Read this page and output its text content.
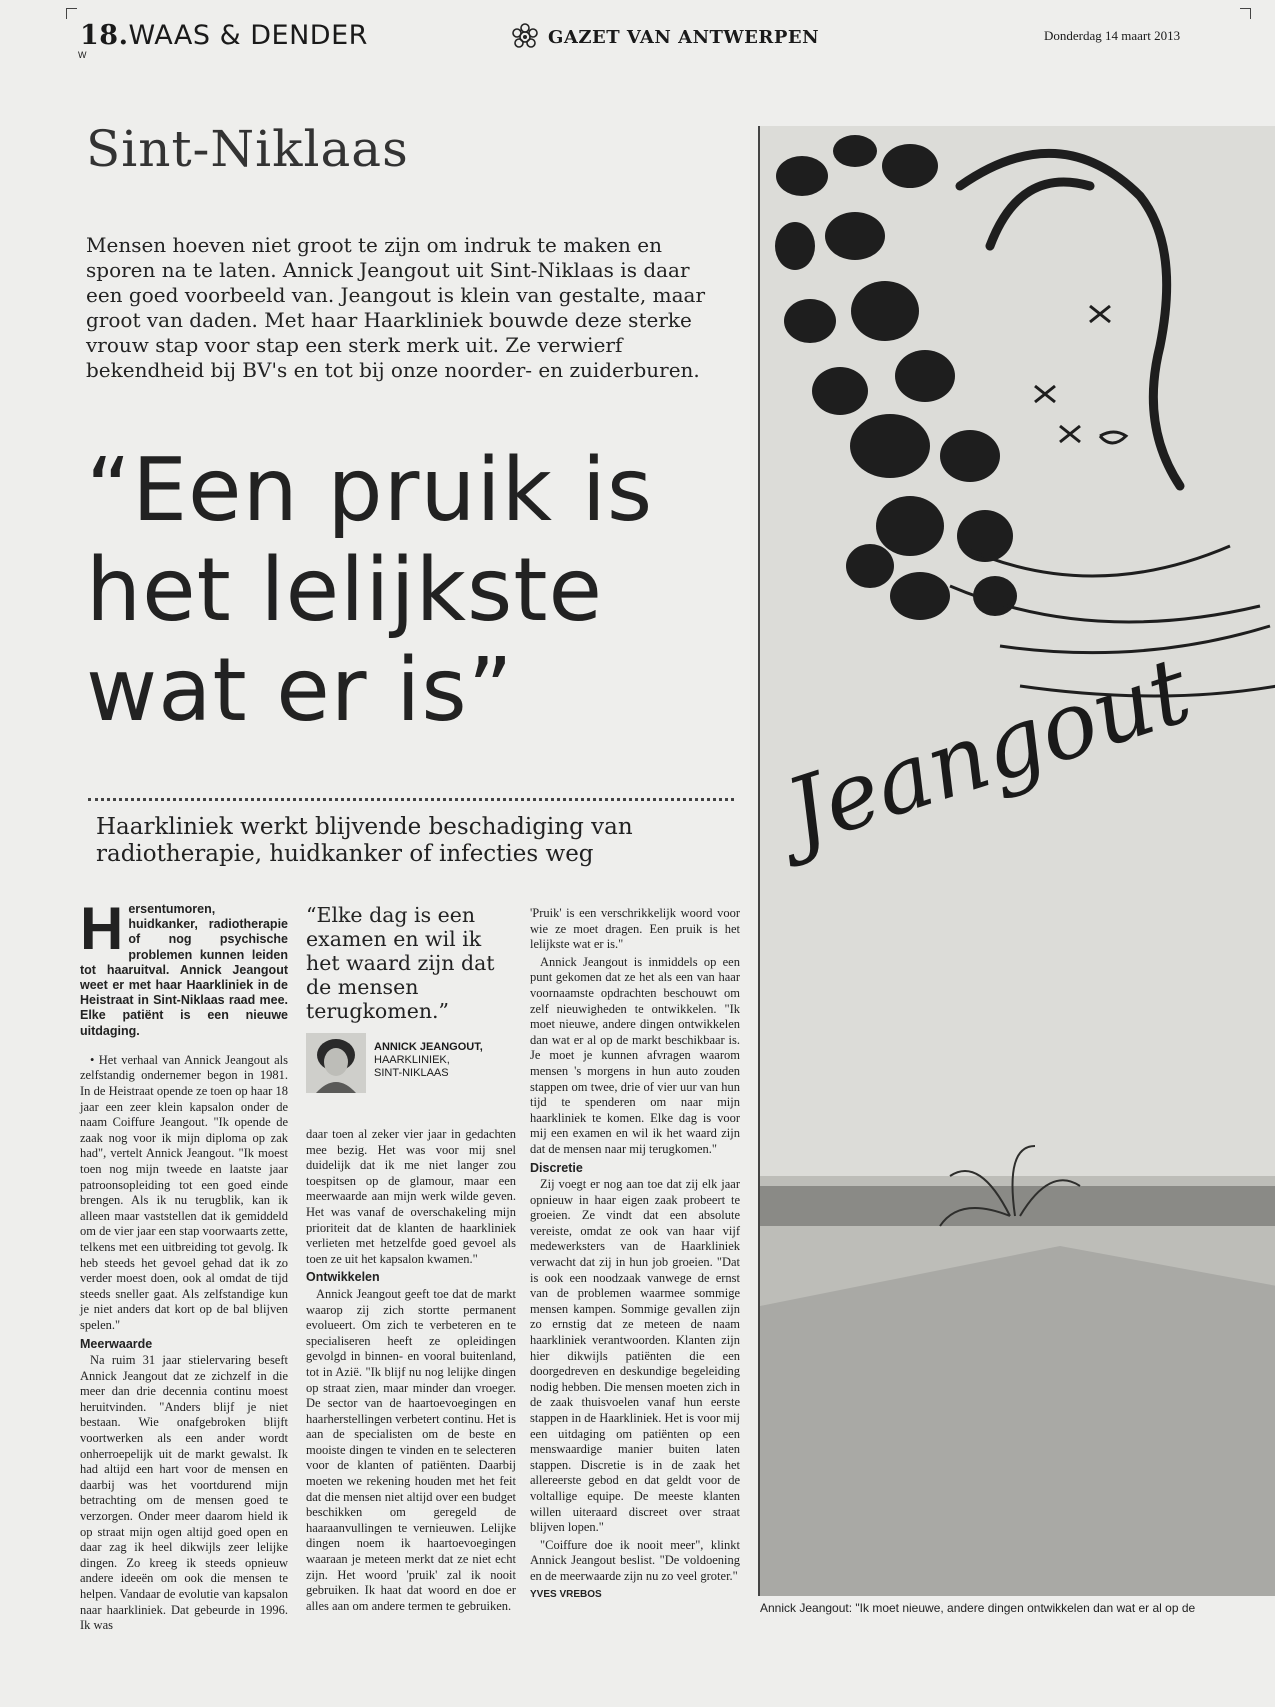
18.WAAS & DENDER
W
GAZET VAN ANTWERPEN	Donderdag 14 maart 2013
Sint-Niklaas
Mensen hoeven niet groot te zijn om indruk te maken en
sporen na te laten. Annick Jeangout uit Sint-Niklaas is daar
een goed voorbeeld van. Jeangout is klein van gestalte, maar
groot van daden. Met haar Haarkliniek bouwde deze sterke
vrouw stap voor stap een sterk merk uit. Ze verwierf
bekendheid bij BV's en tot bij onze noorder- en zuiderburen.
“Een pruik is
het lelijkste
wat er is”
Haarkliniek werkt blijvende beschadiging van
radiotherapie, huidkanker of infecties weg
Hersentumoren, huidkanker, radiotherapie of nog psychische problemen kunnen leiden tot haaruitval. Annick Jeangout weet er met haar Haarkliniek in de Heistraat in Sint-Niklaas raad mee. Elke patiënt is een nieuwe uitdaging.

• Het verhaal van Annick Jeangout als zelfstandig ondernemer begon in 1981. In de Heistraat opende ze toen op haar 18 jaar een zeer klein kapsalon onder de naam Coiffure Jeangout. "Ik opende de zaak nog voor ik mijn diploma op zak had", vertelt Annick Jeangout. "Ik moest toen nog mijn tweede en laatste jaar patroonsopleiding tot een goed einde brengen. Als ik nu terugblik, kan ik alleen maar vaststellen dat ik gemiddeld om de vier jaar een stap voorwaarts zette, telkens met een uitbreiding tot gevolg. Ik heb steeds het gevoel gehad dat ik zo verder moest doen, ook al omdat de tijd steeds sneller gaat. Als zelfstandige kun je niet anders dat kort op de bal blijven spelen."

Meerwaarde

Na ruim 31 jaar stielervaring beseft Annick Jeangout dat ze zichzelf in die meer dan drie decennia continu moest heruitvinden. "Anders blijf je niet bestaan. Wie onafgebroken blijft voortwerken als een ander wordt onherroepelijk uit de markt gewalst. Ik had altijd een hart voor de mensen en daarbij was het voortdurend mijn betrachting om de mensen goed te verzorgen. Onder meer daarom hield ik op straat mijn ogen altijd goed open en daar zag ik heel dikwijls zeer lelijke dingen. Zo kreeg ik steeds opnieuw andere ideeën om ook die mensen te helpen. Vandaar de evolutie van kapsalon naar haarkliniek. Dat gebeurde in 1996. Ik was

“Elke dag is een
examen en wil ik
het waard zijn dat
de mensen
terugkomen.”
ANNICK JEANGOUT,
HAARKLINIEK,
SINT-NIKLAAS

daar toen al zeker vier jaar in gedachten mee bezig. Het was voor mij snel duidelijk dat ik me niet langer zou toespitsen op de glamour, maar een meerwaarde aan mijn werk wilde geven. Het was vanaf de overschakeling mijn prioriteit dat de klanten de haarkliniek verlieten met hetzelfde goed gevoel als toen ze uit het kapsalon kwamen."

Ontwikkelen

Annick Jeangout geeft toe dat de markt waarop zij zich stortte permanent evolueert. Om zich te verbeteren en te specialiseren heeft ze opleidingen gevolgd in binnen- en vooral buitenland, tot in Azië. "Ik blijf nu nog lelijke dingen op straat zien, maar minder dan vroeger. De sector van de haartoevoegingen en haarherstellingen verbetert continu. Het is aan de specialisten om de beste en mooiste dingen te vinden en te selecteren voor de klanten of patiënten. Daarbij moeten we rekening houden met het feit dat die mensen niet altijd over een budget beschikken om geregeld de haaraanvullingen te vernieuwen. Lelijke dingen noem ik haartoevoegingen waaraan je meteen merkt dat ze niet echt zijn. Het woord 'pruik' zal ik nooit gebruiken. Ik haat dat woord en doe er alles aan om andere termen te gebruiken.

'Pruik' is een verschrikkelijk woord voor wie ze moet dragen. Een pruik is het lelijkste wat er is."

Annick Jeangout is inmiddels op een punt gekomen dat ze het als een van haar voornaamste opdrachten beschouwt om zelf nieuwigheden te ontwikkelen. "Ik moet nieuwe, andere dingen ontwikkelen dan wat er al op de markt beschikbaar is. Je moet je kunnen afvragen waarom mensen 's morgens in hun auto zouden stappen om twee, drie of vier uur van hun tijd te spenderen om naar mijn haarkliniek te komen. Elke dag is voor mij een examen en wil ik het waard zijn dat de mensen naar mij terugkomen."

Discretie

Zij voegt er nog aan toe dat zij elk jaar opnieuw in haar eigen zaak probeert te groeien. Ze vindt dat een absolute vereiste, omdat ze ook van haar vijf medewerksters van de Haarkliniek verwacht dat zij in hun job groeien. "Dat is ook een noodzaak vanwege de ernst van de problemen waarmee sommige mensen kampen. Sommige gevallen zijn zo ernstig dat ze meteen de naam haarkliniek verantwoorden. Klanten zijn hier dikwijls patiënten die een doorgedreven en deskundige begeleiding nodig hebben. Die mensen moeten zich in de zaak thuisvoelen vanaf hun eerste stappen in de Haarkliniek. Het is voor mij een uitdaging om patiënten op een menswaardige manier buiten laten stappen. Discretie is in de zaak het allereerste gebod en dat geldt voor de voltallige equipe. De meeste klanten willen uiteraard discreet over straat blijven lopen."

"Coiffure doe ik nooit meer", klinkt Annick Jeangout beslist. "De voldoening en de meerwaarde zijn nu zo veel groter."

YVES VREBOS
Jeangout
Annick Jeangout: "Ik moet nieuwe, andere dingen ontwikkelen dan wat er al op de
